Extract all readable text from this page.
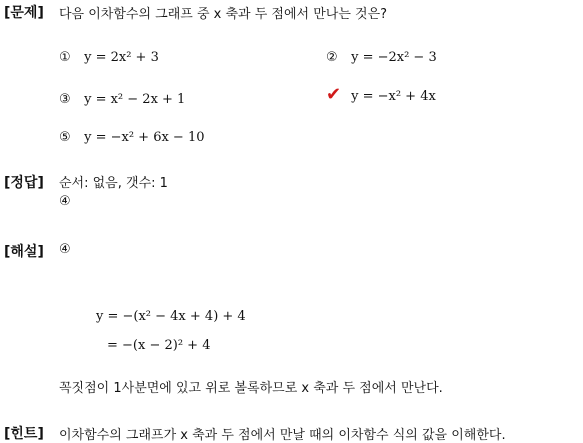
[문제] 다음 이차함수의 그래프 중 x 축과 두 점에서 만나는 것은?
① y = 2x² + 3	② y = −2x² − 3
③ y = x² − 2x + 1	✔ y = −x² + 4x
⑤ y = −x² + 6x − 10
[정답] 순서: 없음, 갯수: 1
④
[해설] ④
y = −(x² − 4x + 4) + 4
= −(x − 2)² + 4
꼭짓점이 1사분면에 있고 위로 볼록하므로 x 축과 두 점에서 만난다.
[힌트] 이차함수의 그래프가 x 축과 두 점에서 만날 때의 이차함수 식의 값을 이해한다.
